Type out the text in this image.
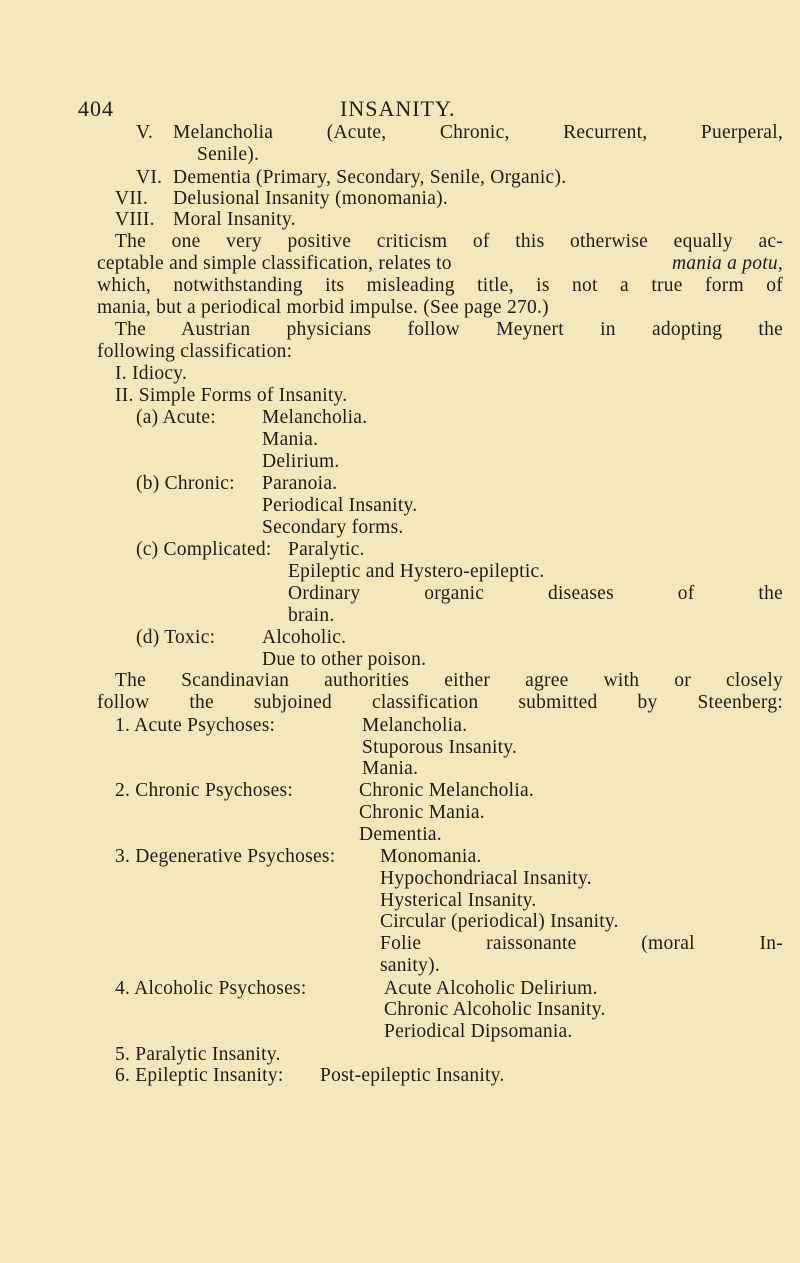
404	INSANITY.
V. Melancholia (Acute, Chronic, Recurrent, Puerperal,
Senile).
VI. Dementia (Primary, Secondary, Senile, Organic).
VII. Delusional Insanity (monomania).
VIII. Moral Insanity.
The one very positive criticism of this otherwise equally ac-
ceptable and simple classification, relates to	mania a potu,
which, notwithstanding its misleading title, is not a true form of
mania, but a periodical morbid impulse. (See page 270.)
The Austrian physicians follow Meynert in adopting the
following classification:
I. Idiocy.
II. Simple Forms of Insanity.
(a) Acute: Melancholia.
Mania.
Delirium.
(b) Chronic: Paranoia.
Periodical Insanity.
Secondary forms.
(c) Complicated: Paralytic.
Epileptic and Hystero-epileptic.
Ordinary organic diseases of the
brain.
(d) Toxic: Alcoholic.
Due to other poison.
The Scandinavian authorities either agree with or closely
follow the subjoined classification submitted by Steenberg:
1. Acute Psychoses:	Melancholia.
Stuporous Insanity.
Mania.
2. Chronic Psychoses:	Chronic Melancholia.
Chronic Mania.
Dementia.
3. Degenerative Psychoses: Monomania.
Hypochondriacal Insanity.
Hysterical Insanity.
Circular (periodical) Insanity.
Folie raissonante (moral In-
sanity).
4. Alcoholic Psychoses:	Acute Alcoholic Delirium.
Chronic Alcoholic Insanity.
Periodical Dipsomania.
5. Paralytic Insanity.
6. Epileptic Insanity: Post-epileptic Insanity.
